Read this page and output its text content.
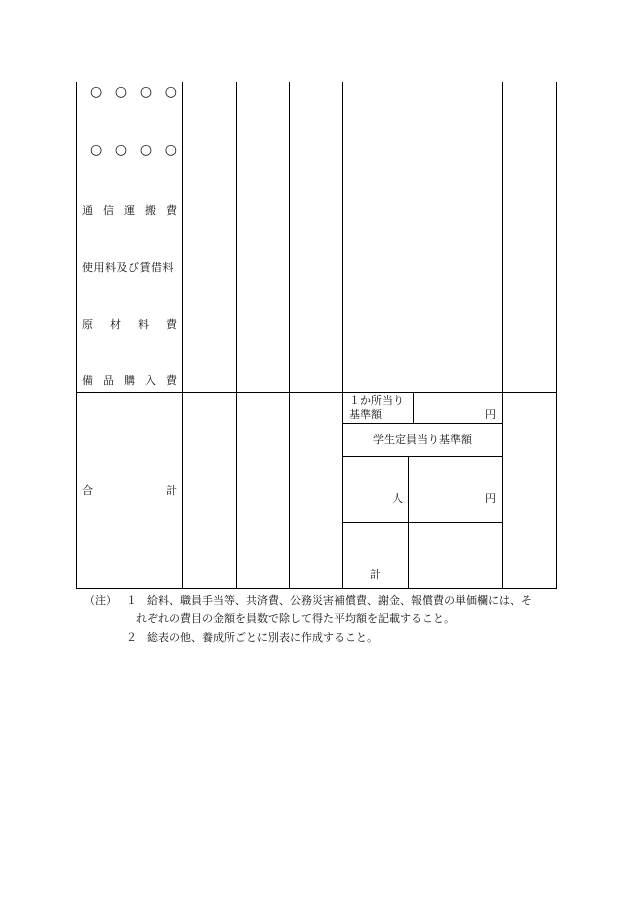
○ ○ ○ ○
○ ○ ○ ○
通 信 運 搬 費
使用料及び賃借料
原 材 料 費
備 品 購 入 費
合	計
１か所当り
基準額	円
学生定員当り基準額
人	円
計
（注） １ 給料、職員手当等、共済費、公務災害補償費、謝金、報償費の単価欄には、そ
れぞれの費目の金額を員数で除して得た平均額を記載すること。
２ 総表の他、養成所ごとに別表に作成すること。
